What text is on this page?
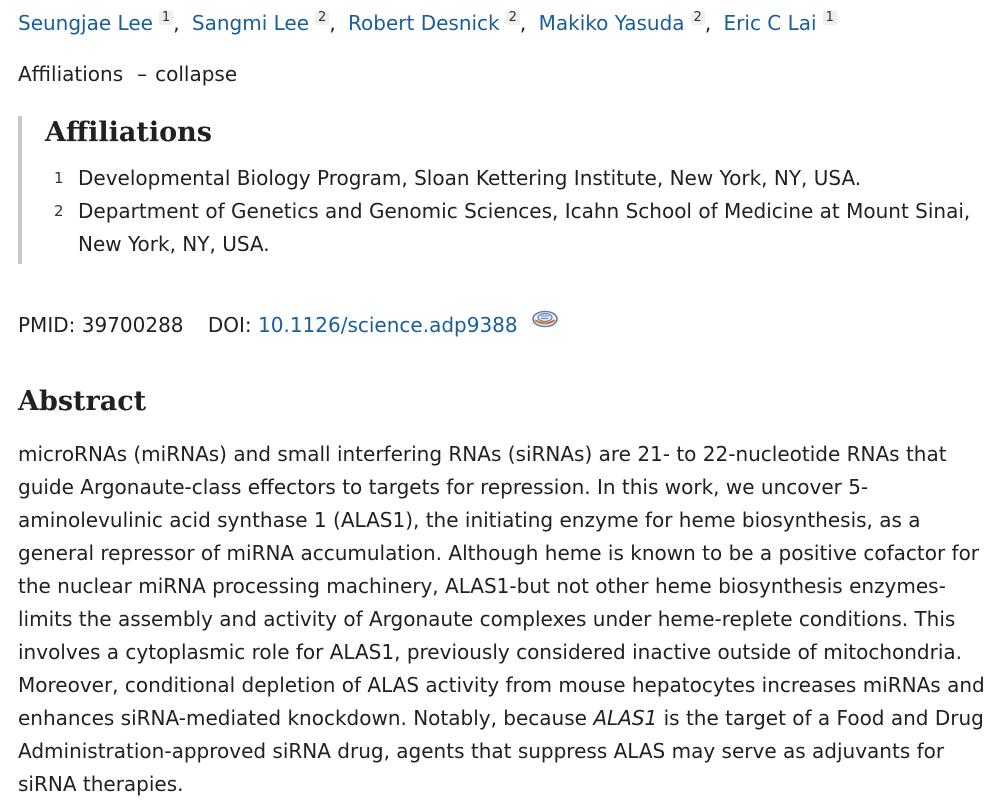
Seungjae Lee 1 , Sangmi Lee 2 , Robert Desnick 2 , Makiko Yasuda 2 , Eric C Lai 1
Affiliations – collapse
Affiliations
1 Developmental Biology Program, Sloan Kettering Institute, New York, NY, USA.
2 Department of Genetics and Genomic Sciences, Icahn School of Medicine at Mount Sinai, New York, NY, USA.
PMID: 39700288 DOI: 10.1126/science.adp9388
Abstract

microRNAs (miRNAs) and small interfering RNAs (siRNAs) are 21- to 22-nucleotide RNAs that guide Argonaute-class effectors to targets for repression. In this work, we uncover 5-aminolevulinic acid synthase 1 (ALAS1), the initiating enzyme for heme biosynthesis, as a general repressor of miRNA accumulation. Although heme is known to be a positive cofactor for the nuclear miRNA processing machinery, ALAS1-but not other heme biosynthesis enzymes-limits the assembly and activity of Argonaute complexes under heme-replete conditions. This involves a cytoplasmic role for ALAS1, previously considered inactive outside of mitochondria. Moreover, conditional depletion of ALAS activity from mouse hepatocytes increases miRNAs and enhances siRNA-mediated knockdown. Notably, because ALAS1 is the target of a Food and Drug Administration-approved siRNA drug, agents that suppress ALAS may serve as adjuvants for siRNA therapies.
